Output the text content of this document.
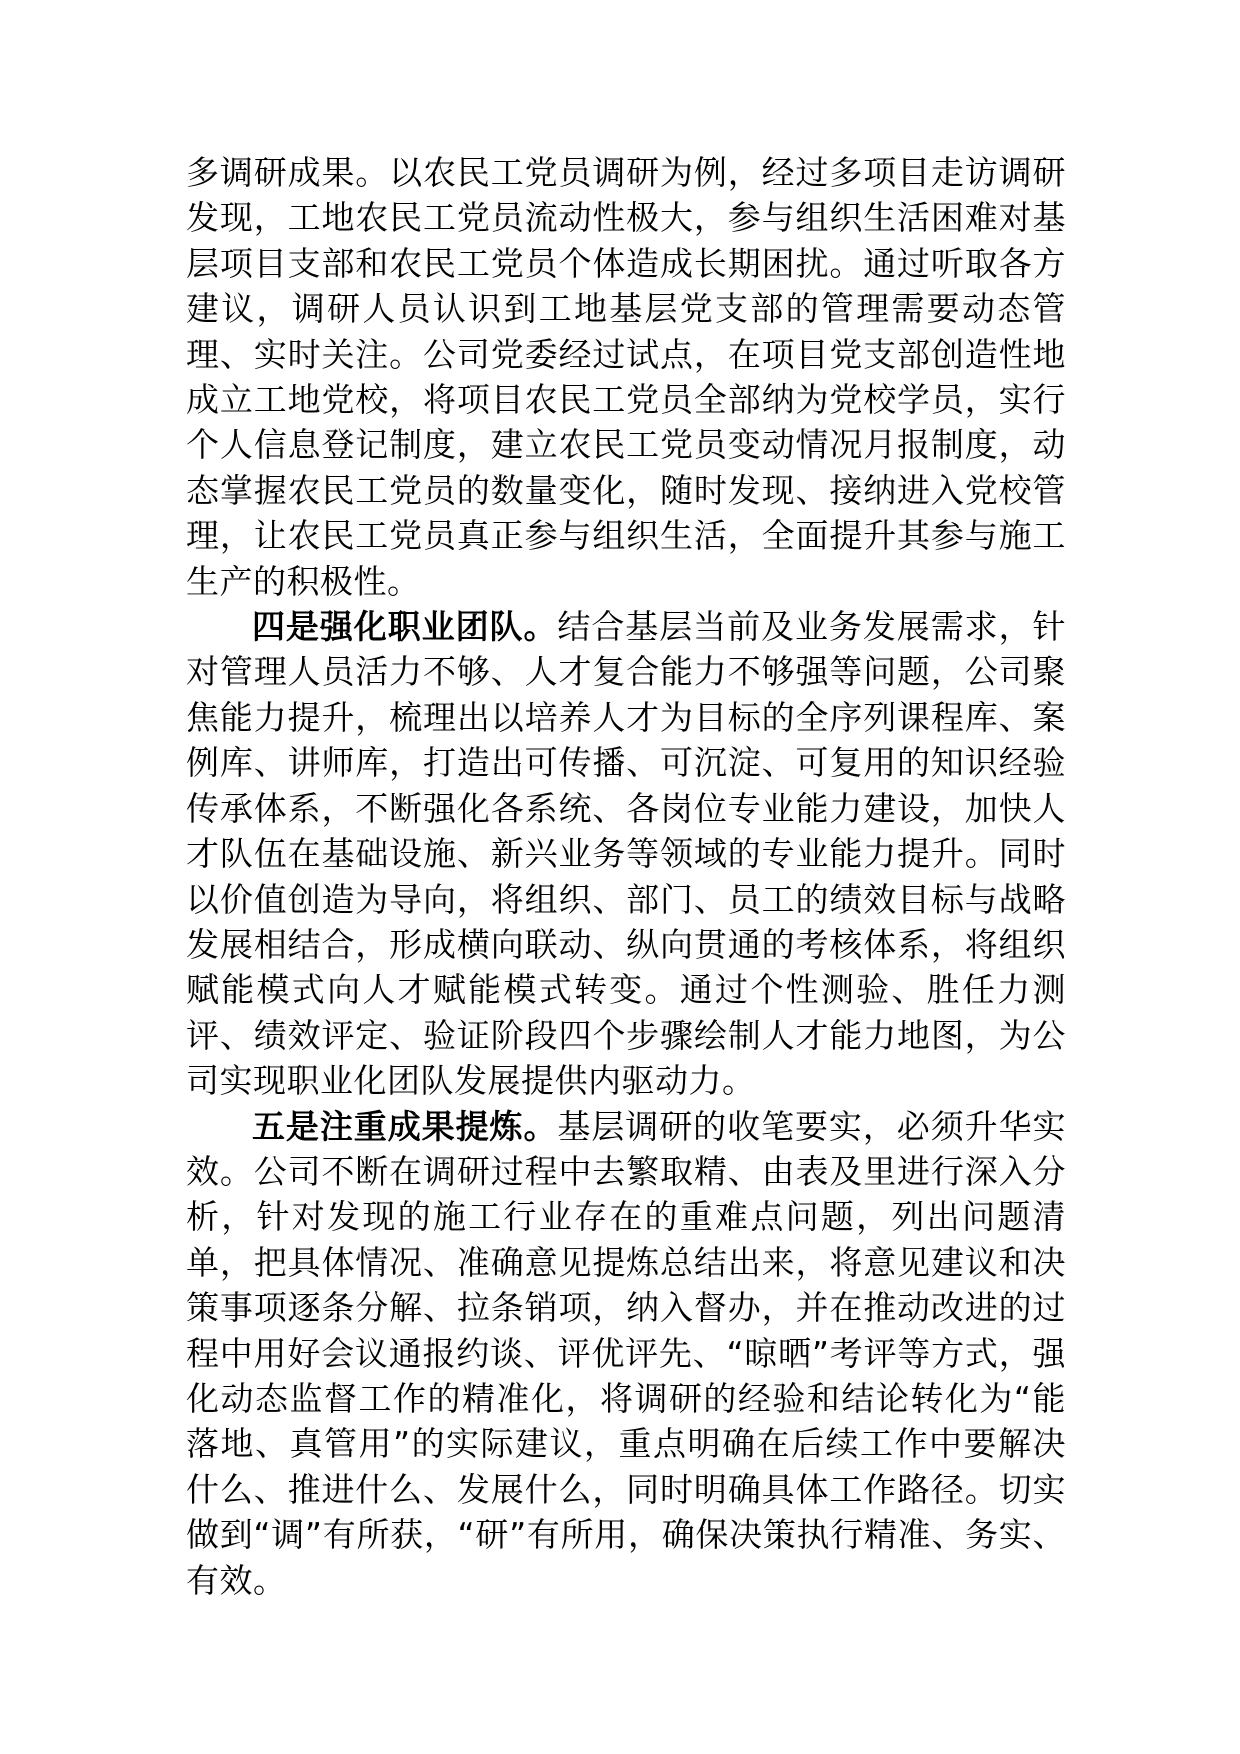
多调研成果。以农民工党员调研为例，经过多项目走访调研发现，工地农民工党员流动性极大，参与组织生活困难对基层项目支部和农民工党员个体造成长期困扰。通过听取各方建议，调研人员认识到工地基层党支部的管理需要动态管理、实时关注。公司党委经过试点，在项目党支部创造性地成立工地党校，将项目农民工党员全部纳为党校学员，实行个人信息登记制度，建立农民工党员变动情况月报制度，动态掌握农民工党员的数量变化，随时发现、接纳进入党校管理，让农民工党员真正参与组织生活，全面提升其参与施工生产的积极性。

四是强化职业团队。结合基层当前及业务发展需求，针对管理人员活力不够、人才复合能力不够强等问题，公司聚焦能力提升，梳理出以培养人才为目标的全序列课程库、案例库、讲师库，打造出可传播、可沉淀、可复用的知识经验传承体系，不断强化各系统、各岗位专业能力建设，加快人才队伍在基础设施、新兴业务等领域的专业能力提升。同时以价值创造为导向，将组织、部门、员工的绩效目标与战略发展相结合，形成横向联动、纵向贯通的考核体系，将组织赋能模式向人才赋能模式转变。通过个性测验、胜任力测评、绩效评定、验证阶段四个步骤绘制人才能力地图，为公司实现职业化团队发展提供内驱动力。

五是注重成果提炼。基层调研的收笔要实，必须升华实效。公司不断在调研过程中去繁取精、由表及里进行深入分析，针对发现的施工行业存在的重难点问题，列出问题清单，把具体情况、准确意见提炼总结出来，将意见建议和决策事项逐条分解、拉条销项，纳入督办，并在推动改进的过程中用好会议通报约谈、评优评先、“晾晒”考评等方式，强化动态监督工作的精准化，将调研的经验和结论转化为“能落地、真管用”的实际建议，重点明确在后续工作中要解决什么、推进什么、发展什么，同时明确具体工作路径。切实做到“调”有所获，“研”有所用，确保决策执行精准、务实、有效。
